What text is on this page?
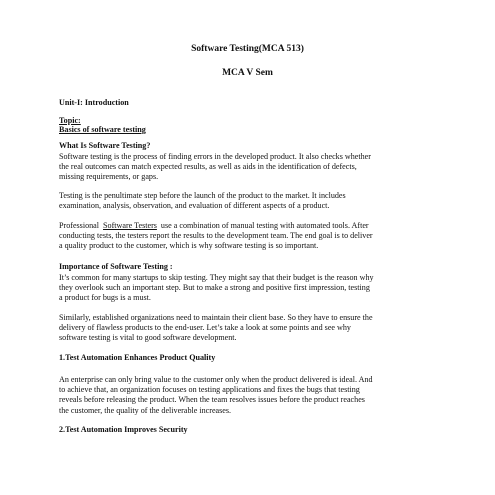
Software Testing(MCA 513)
MCA V Sem
Unit-I: Introduction
Topic:
Basics of software testing
What Is Software Testing?
Software testing is the process of finding errors in the developed product. It also checks whether
the real outcomes can match expected results, as well as aids in the identification of defects,
missing requirements, or gaps.
Testing is the penultimate step before the launch of the product to the market. It includes
examination, analysis, observation, and evaluation of different aspects of a product.
Professional Software Testers use a combination of manual testing with automated tools. After
conducting tests, the testers report the results to the development team. The end goal is to deliver
a quality product to the customer, which is why software testing is so important.
Importance of Software Testing :
It’s common for many startups to skip testing. They might say that their budget is the reason why
they overlook such an important step. But to make a strong and positive first impression, testing
a product for bugs is a must.
Similarly, established organizations need to maintain their client base. So they have to ensure the
delivery of flawless products to the end-user. Let’s take a look at some points and see why
software testing is vital to good software development.
1.Test Automation Enhances Product Quality
An enterprise can only bring value to the customer only when the product delivered is ideal. And
to achieve that, an organization focuses on testing applications and fixes the bugs that testing
reveals before releasing the product. When the team resolves issues before the product reaches
the customer, the quality of the deliverable increases.
2.Test Automation Improves Security
